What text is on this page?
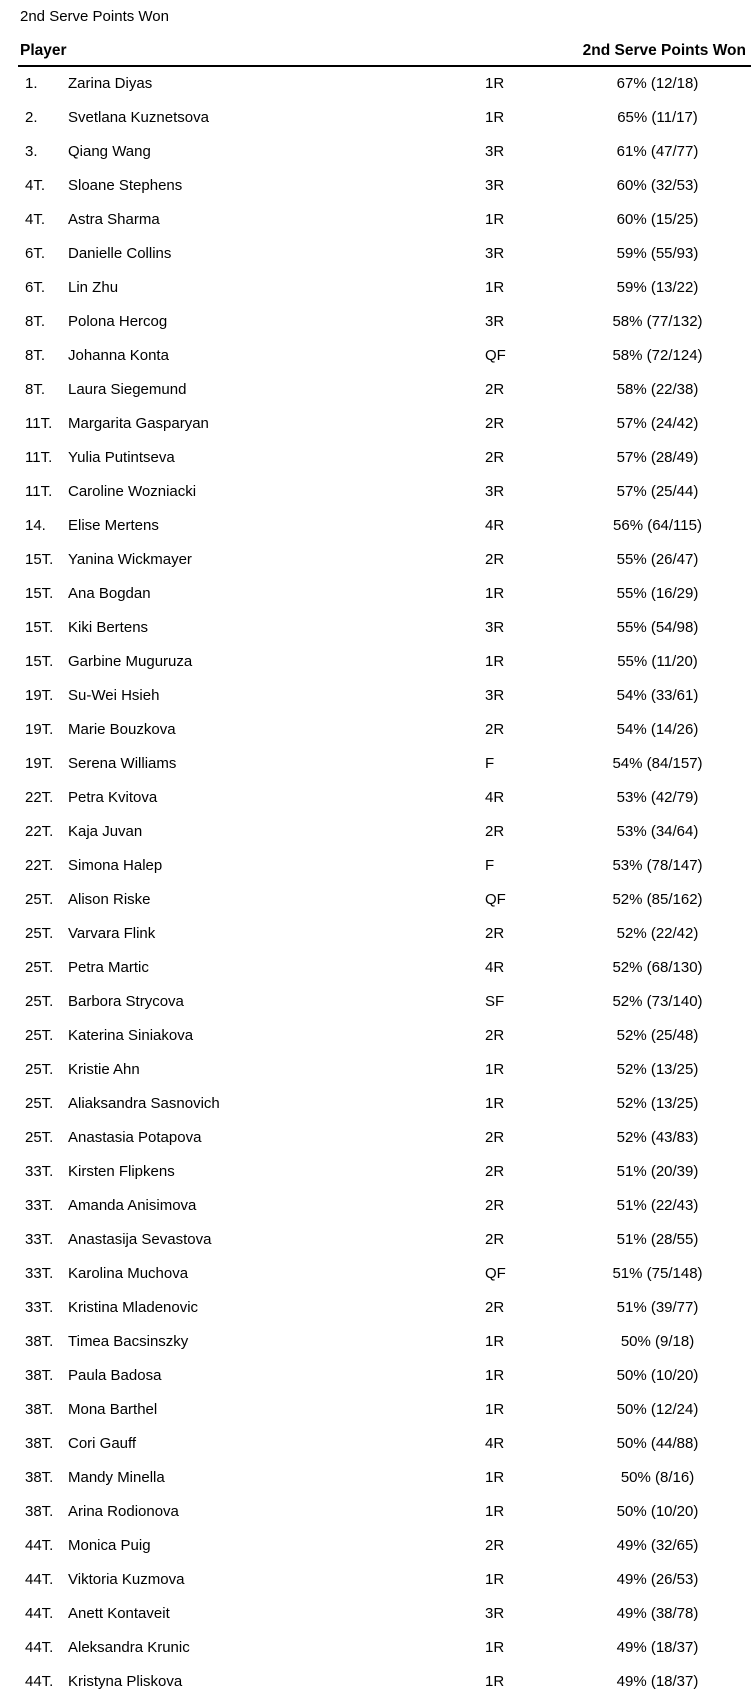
2nd Serve Points Won
Player	2nd Serve Points Won
1.	Zarina Diyas	1R	67% (12/18)
2.	Svetlana Kuznetsova	1R	65% (11/17)
3.	Qiang Wang	3R	61% (47/77)
4T.	Sloane Stephens	3R	60% (32/53)
4T.	Astra Sharma	1R	60% (15/25)
6T.	Danielle Collins	3R	59% (55/93)
6T.	Lin Zhu	1R	59% (13/22)
8T.	Polona Hercog	3R	58% (77/132)
8T.	Johanna Konta	QF	58% (72/124)
8T.	Laura Siegemund	2R	58% (22/38)
11T.	Margarita Gasparyan	2R	57% (24/42)
11T.	Yulia Putintseva	2R	57% (28/49)
11T.	Caroline Wozniacki	3R	57% (25/44)
14.	Elise Mertens	4R	56% (64/115)
15T. Yanina Wickmayer	2R	55% (26/47)
15T. Ana Bogdan	1R	55% (16/29)
15T. Kiki Bertens	3R	55% (54/98)
15T. Garbine Muguruza	1R	55% (11/20)
19T. Su-Wei Hsieh	3R	54% (33/61)
19T. Marie Bouzkova	2R	54% (14/26)
19T. Serena Williams	F	54% (84/157)
22T. Petra Kvitova	4R	53% (42/79)
22T. Kaja Juvan	2R	53% (34/64)
22T. Simona Halep	F	53% (78/147)
25T. Alison Riske	QF	52% (85/162)
25T. Varvara Flink	2R	52% (22/42)
25T. Petra Martic	4R	52% (68/130)
25T. Barbora Strycova	SF	52% (73/140)
25T. Katerina Siniakova	2R	52% (25/48)
25T. Kristie Ahn	1R	52% (13/25)
25T. Aliaksandra Sasnovich	1R	52% (13/25)
25T. Anastasia Potapova	2R	52% (43/83)
33T. Kirsten Flipkens	2R	51% (20/39)
33T. Amanda Anisimova	2R	51% (22/43)
33T. Anastasija Sevastova	2R	51% (28/55)
33T. Karolina Muchova	QF	51% (75/148)
33T. Kristina Mladenovic	2R	51% (39/77)
38T. Timea Bacsinszky	1R	50% (9/18)
38T. Paula Badosa	1R	50% (10/20)
38T. Mona Barthel	1R	50% (12/24)
38T. Cori Gauff	4R	50% (44/88)
38T. Mandy Minella	1R	50% (8/16)
38T. Arina Rodionova	1R	50% (10/20)
44T. Monica Puig	2R	49% (32/65)
44T. Viktoria Kuzmova	1R	49% (26/53)
44T. Anett Kontaveit	3R	49% (38/78)
44T. Aleksandra Krunic	1R	49% (18/37)
44T. Kristyna Pliskova	1R	49% (18/37)
